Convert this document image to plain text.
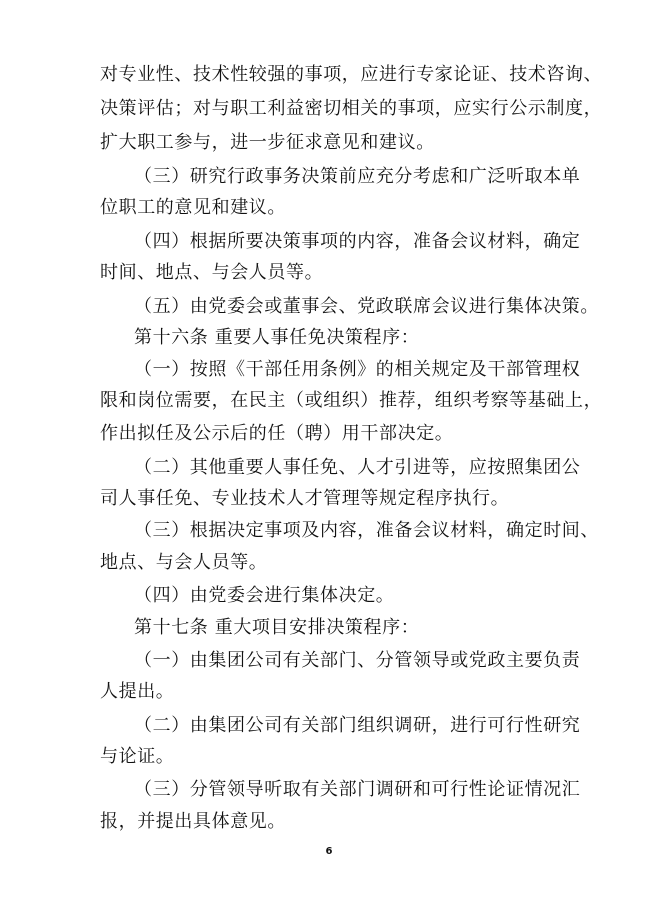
对专业性、技术性较强的事项，应进行专家论证、技术咨询、
决策评估；对与职工利益密切相关的事项，应实行公示制度，
扩大职工参与，进一步征求意见和建议。
（三）研究行政事务决策前应充分考虑和广泛听取本单
位职工的意见和建议。
（四）根据所要决策事项的内容，准备会议材料，确定
时间、地点、与会人员等。
（五）由党委会或董事会、党政联席会议进行集体决策。
第十六条 重要人事任免决策程序：
（一）按照《干部任用条例》的相关规定及干部管理权
限和岗位需要，在民主（或组织）推荐，组织考察等基础上，
作出拟任及公示后的任（聘）用干部决定。
（二）其他重要人事任免、人才引进等，应按照集团公
司人事任免、专业技术人才管理等规定程序执行。
（三）根据决定事项及内容，准备会议材料，确定时间、
地点、与会人员等。
（四）由党委会进行集体决定。
第十七条 重大项目安排决策程序：
（一）由集团公司有关部门、分管领导或党政主要负责
人提出。
（二）由集团公司有关部门组织调研，进行可行性研究
与论证。
（三）分管领导听取有关部门调研和可行性论证情况汇
报，并提出具体意见。
6
